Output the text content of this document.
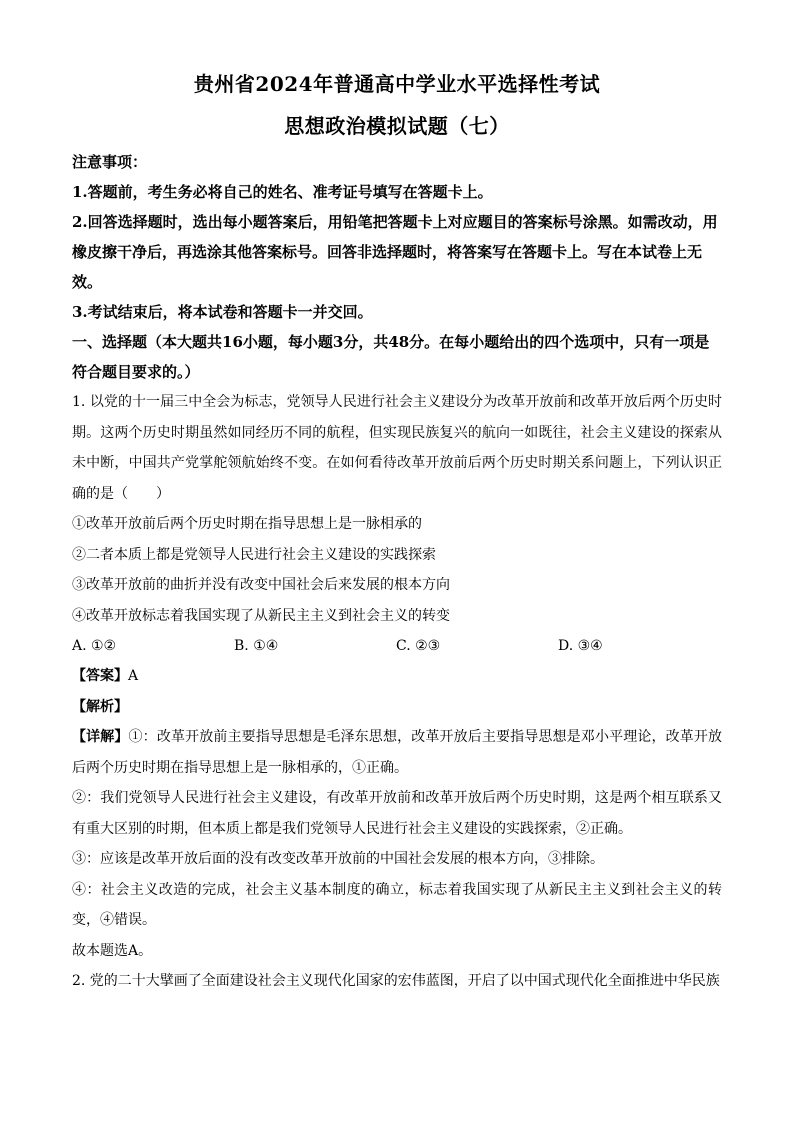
贵州省2024年普通高中学业水平选择性考试

思想政治模拟试题（七）

注意事项：

1.答题前，考生务必将自己的姓名、准考证号填写在答题卡上。

2.回答选择题时，选出每小题答案后，用铅笔把答题卡上对应题目的答案标号涂黑。如需改动，用橡皮擦干净后，再选涂其他答案标号。回答非选择题时，将答案写在答题卡上。写在本试卷上无效。

3.考试结束后，将本试卷和答题卡一并交回。

一、选择题（本大题共16小题，每小题3分，共48分。在每小题给出的四个选项中，只有一项是符合题目要求的。）

1. 以党的十一届三中全会为标志，党领导人民进行社会主义建设分为改革开放前和改革开放后两个历史时期。这两个历史时期虽然如同经历不同的航程，但实现民族复兴的航向一如既往，社会主义建设的探索从未中断，中国共产党掌舵领航始终不变。在如何看待改革开放前后两个历史时期关系问题上，下列认识正确的是（　　）

①改革开放前后两个历史时期在指导思想上是一脉相承的

②二者本质上都是党领导人民进行社会主义建设的实践探索

③改革开放前的曲折并没有改变中国社会后来发展的根本方向

④改革开放标志着我国实现了从新民主主义到社会主义的转变

A. ①②	B. ①④	C. ②③	D. ③④

【答案】A

【解析】

【详解】①：改革开放前主要指导思想是毛泽东思想，改革开放后主要指导思想是邓小平理论，改革开放后两个历史时期在指导思想上是一脉相承的，①正确。

②：我们党领导人民进行社会主义建设，有改革开放前和改革开放后两个历史时期，这是两个相互联系又有重大区别的时期，但本质上都是我们党领导人民进行社会主义建设的实践探索，②正确。

③：应该是改革开放后面的没有改变改革开放前的中国社会发展的根本方向，③排除。

④：社会主义改造的完成，社会主义基本制度的确立，标志着我国实现了从新民主主义到社会主义的转变，④错误。

故本题选A。

2. 党的二十大擘画了全面建设社会主义现代化国家的宏伟蓝图，开启了以中国式现代化全面推进中华民族
